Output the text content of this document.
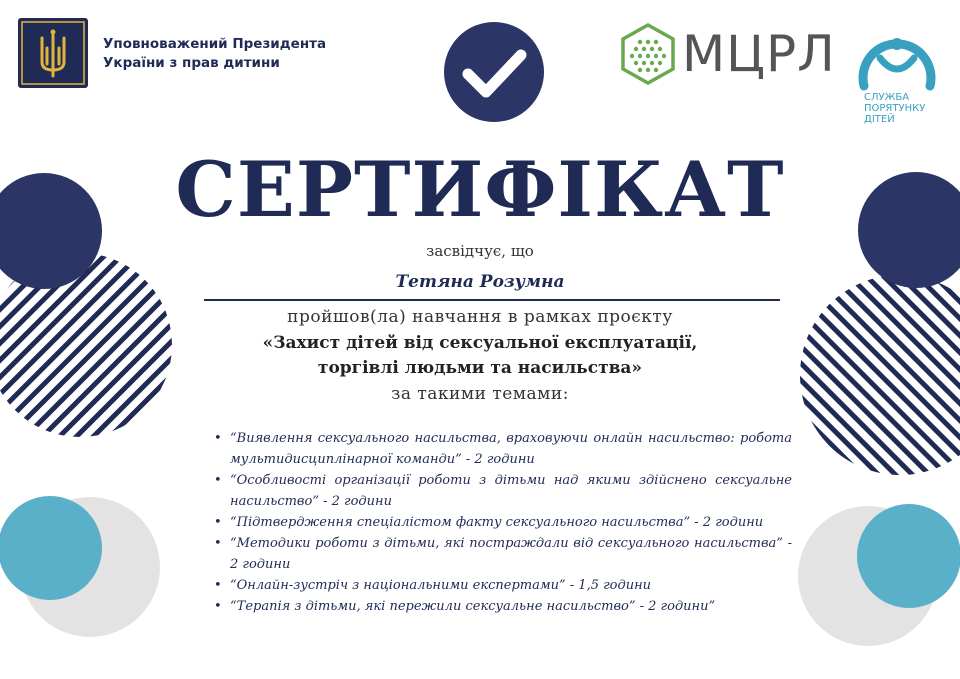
Уповноважений Президента
України з прав дитини	МЦРЛ
СЛУЖБА
ПОРЯТУНКУ
ДІТЕЙ
СЕРТИФІКАТ
засвідчує, що
Тетяна Розумна
пройшов(ла) навчання в рамках проєкту
«Захист дітей від сексуальної експлуатації,
торгівлі людьми та насильства»
за такими темами:
• “Виявлення сексуального насильства, враховуючи онлайн насильство: робота мультидисциплінарної команди” - 2 години
• “Особливості організації роботи з дітьми над якими здійснено сексуальне насильство” - 2 години
• “Підтвердження спеціалістом факту сексуального насильства” - 2 години
• “Методики роботи з дітьми, які постраждали від сексуального насильства” - 2 години
• “Онлайн-зустріч з національними експертами” - 1,5 години
• “Терапія з дітьми, які пережили сексуальне насильство” - 2 години”
